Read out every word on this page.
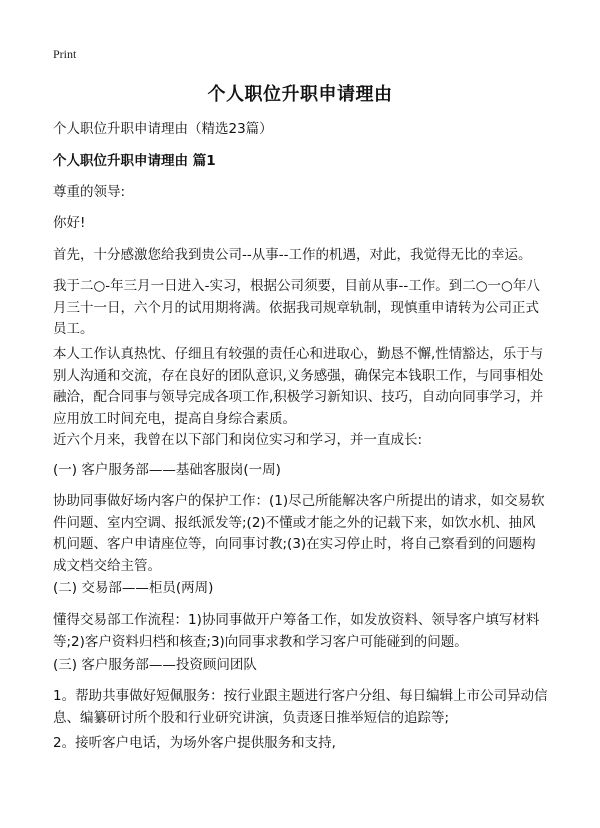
Print
个人职位升职申请理由

个人职位升职申请理由（精选23篇）

个人职位升职申请理由 篇1

尊重的领导:

你好!

首先，十分感激您给我到贵公司--从事--工作的机遇，对此，我觉得无比的幸运。

我于二○-年三月一日进入-实习，根据公司须要，目前从事--工作。到二○一○年八月三十一日，六个月的试用期将满。依据我司规章轨制，现慎重申请转为公司正式员工。

本人工作认真热忱、仔细且有较强的责任心和进取心，勤恳不懈,性情豁达，乐于与别人沟通和交流，存在良好的团队意识,义务感强，确保完本钱职工作，与同事相处融洽，配合同事与领导完成各项工作,积极学习新知识、技巧，自动向同事学习，并应用放工时间充电，提高自身综合素质。

近六个月来，我曾在以下部门和岗位实习和学习，并一直成长:

(一) 客户服务部——基础客服岗(一周)

协助同事做好场内客户的保护工作：(1)尽己所能解决客户所提出的请求，如交易软件问题、室内空调、报纸派发等;(2)不懂或才能之外的记载下来，如饮水机、抽风机问题、客户申请座位等，向同事讨教;(3)在实习停止时，将自己察看到的问题构成文档交给主管。

(二) 交易部——柜员(两周)

懂得交易部工作流程：1)协同事做开户筹备工作，如发放资料、领导客户填写材料等;2)客户资料归档和核查;3)向同事求教和学习客户可能碰到的问题。

(三) 客户服务部——投资顾问团队

1。帮助共事做好短佩服务：按行业跟主题进行客户分组、每日编辑上市公司异动信息、编纂研讨所个股和行业研究讲演，负责逐日推举短信的追踪等;

2。接听客户电话，为场外客户提供服务和支持,
